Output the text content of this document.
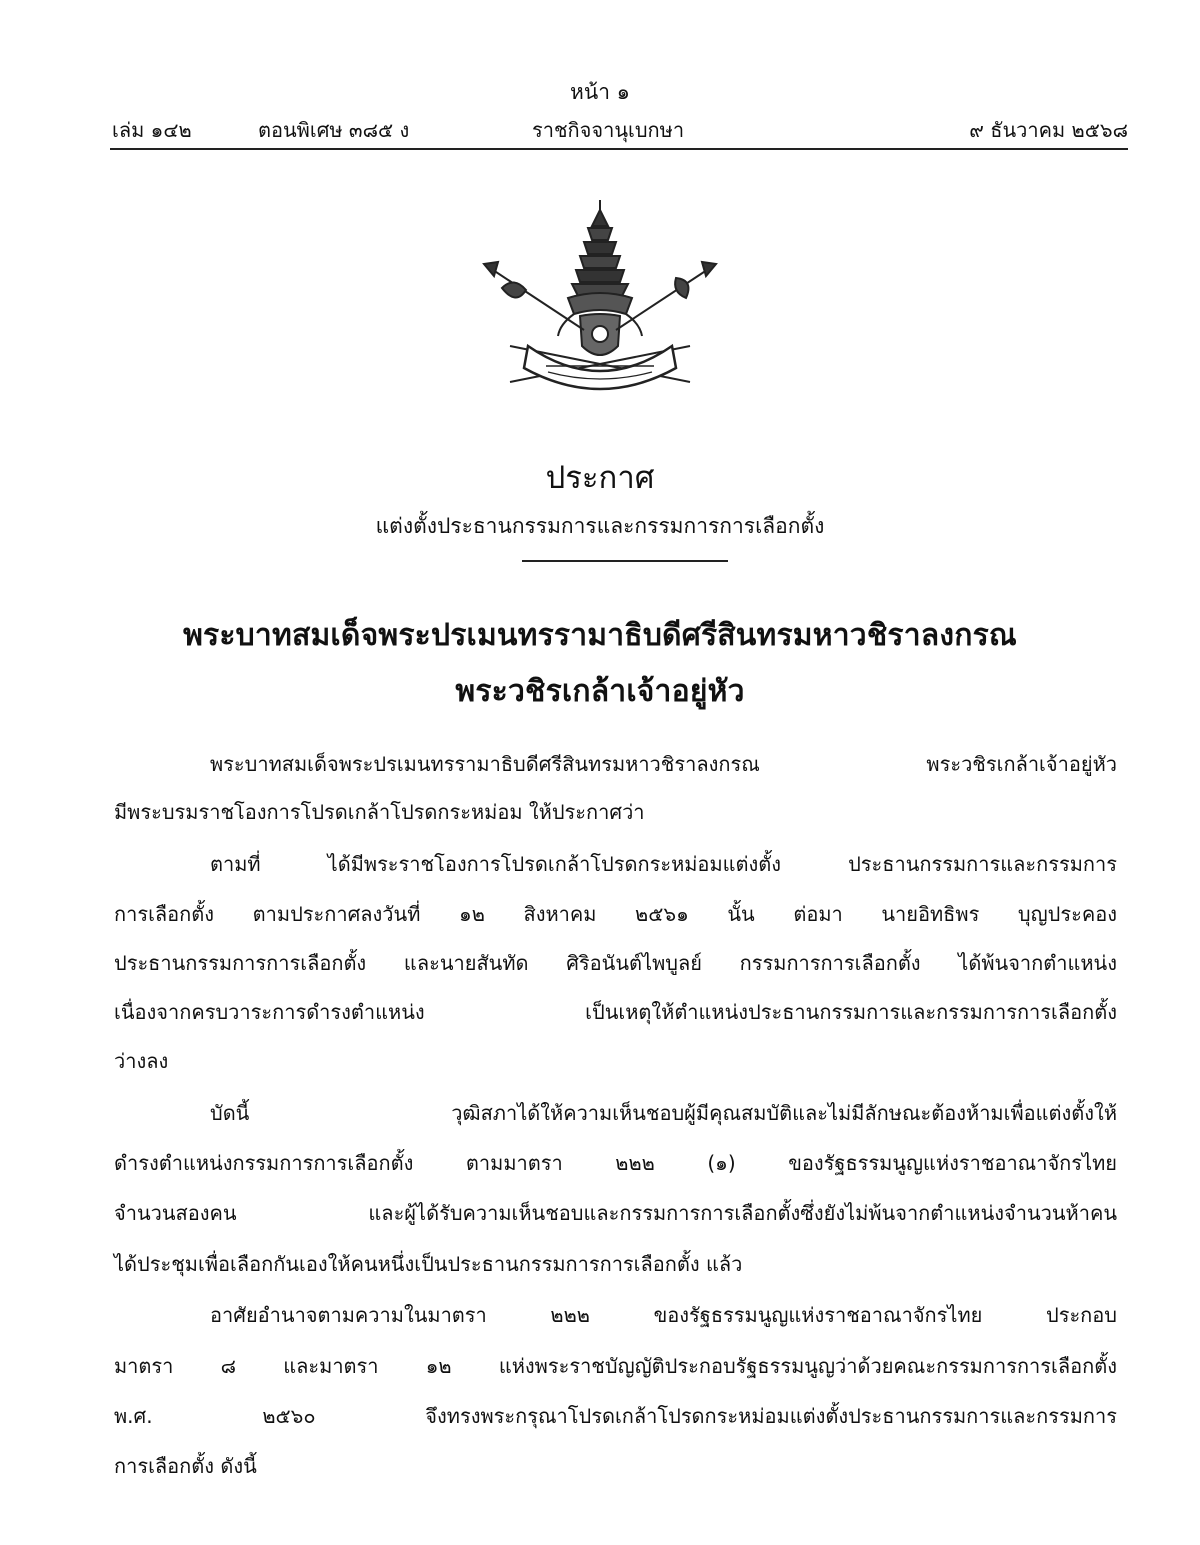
หน้า ๑
เล่ม ๑๔๒	ตอนพิเศษ ๓๘๕ ง	ราชกิจจานุเบกษา	๙ ธันวาคม ๒๕๖๘
ประกาศ
แต่งตั้งประธานกรรมการและกรรมการการเลือกตั้ง
พระบาทสมเด็จพระปรเมนทรรามาธิบดีศรีสินทรมหาวชิราลงกรณ
พระวชิรเกล้าเจ้าอยู่หัว
พระบาทสมเด็จพระปรเมนทรรามาธิบดีศรีสินทรมหาวชิราลงกรณ พระวชิรเกล้าเจ้าอยู่หัว
มีพระบรมราชโองการโปรดเกล้าโปรดกระหม่อม ให้ประกาศว่า
ตามที่ ได้มีพระราชโองการโปรดเกล้าโปรดกระหม่อมแต่งตั้ง ประธานกรรมการและกรรมการ
การเลือกตั้ง ตามประกาศลงวันที่ ๑๒ สิงหาคม ๒๕๖๑ นั้น ต่อมา นายอิทธิพร บุญประคอง
ประธานกรรมการการเลือกตั้ง และนายสันทัด ศิริอนันต์ไพบูลย์ กรรมการการเลือกตั้ง ได้พ้นจากตำแหน่ง
เนื่องจากครบวาระการดำรงตำแหน่ง เป็นเหตุให้ตำแหน่งประธานกรรมการและกรรมการการเลือกตั้ง
ว่างลง
บัดนี้ วุฒิสภาได้ให้ความเห็นชอบผู้มีคุณสมบัติและไม่มีลักษณะต้องห้ามเพื่อแต่งตั้งให้
ดำรงตำแหน่งกรรมการการเลือกตั้ง ตามมาตรา ๒๒๒ (๑) ของรัฐธรรมนูญแห่งราชอาณาจักรไทย
จำนวนสองคน และผู้ได้รับความเห็นชอบและกรรมการการเลือกตั้งซึ่งยังไม่พ้นจากตำแหน่งจำนวนห้าคน
ได้ประชุมเพื่อเลือกกันเองให้คนหนึ่งเป็นประธานกรรมการการเลือกตั้ง แล้ว
อาศัยอำนาจตามความในมาตรา ๒๒๒ ของรัฐธรรมนูญแห่งราชอาณาจักรไทย ประกอบ
มาตรา ๘ และมาตรา ๑๒ แห่งพระราชบัญญัติประกอบรัฐธรรมนูญว่าด้วยคณะกรรมการการเลือกตั้ง
พ.ศ. ๒๕๖๐ จึงทรงพระกรุณาโปรดเกล้าโปรดกระหม่อมแต่งตั้งประธานกรรมการและกรรมการ
การเลือกตั้ง ดังนี้
